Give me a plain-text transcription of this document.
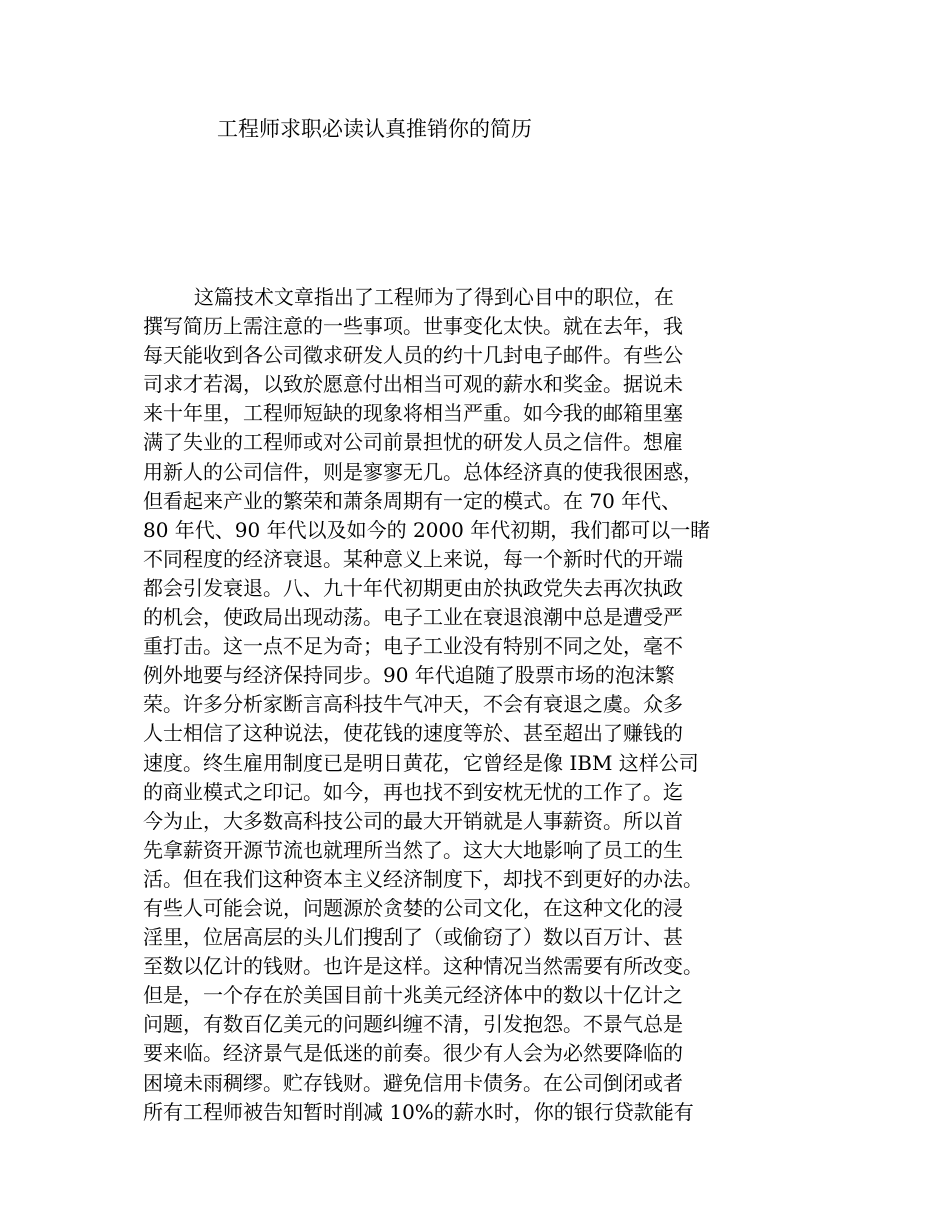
工程师求职必读认真推销你的简历
这篇技术文章指出了工程师为了得到心目中的职位，在
撰写简历上需注意的一些事项。世事变化太快。就在去年，我
每天能收到各公司徵求研发人员的约十几封电子邮件。有些公
司求才若渴，以致於愿意付出相当可观的薪水和奖金。据说未
来十年里，工程师短缺的现象将相当严重。如今我的邮箱里塞
满了失业的工程师或对公司前景担忧的研发人员之信件。想雇
用新人的公司信件，则是寥寥无几。总体经济真的使我很困惑，
但看起来产业的繁荣和萧条周期有一定的模式。在 70 年代、
80 年代、90 年代以及如今的 2000 年代初期，我们都可以一睹
不同程度的经济衰退。某种意义上来说，每一个新时代的开端
都会引发衰退。八、九十年代初期更由於执政党失去再次执政
的机会，使政局出现动荡。电子工业在衰退浪潮中总是遭受严
重打击。这一点不足为奇；电子工业没有特别不同之处，毫不
例外地要与经济保持同步。90 年代追随了股票市场的泡沫繁
荣。许多分析家断言高科技牛气冲天，不会有衰退之虞。众多
人士相信了这种说法，使花钱的速度等於、甚至超出了赚钱的
速度。终生雇用制度已是明日黄花，它曾经是像 IBM 这样公司
的商业模式之印记。如今，再也找不到安枕无忧的工作了。迄
今为止，大多数高科技公司的最大开销就是人事薪资。所以首
先拿薪资开源节流也就理所当然了。这大大地影响了员工的生
活。但在我们这种资本主义经济制度下，却找不到更好的办法。
有些人可能会说，问题源於贪婪的公司文化，在这种文化的浸
淫里，位居高层的头儿们搜刮了（或偷窃了）数以百万计、甚
至数以亿计的钱财。也许是这样。这种情况当然需要有所改变。
但是，一个存在於美国目前十兆美元经济体中的数以十亿计之
问题，有数百亿美元的问题纠缠不清，引发抱怨。不景气总是
要来临。经济景气是低迷的前奏。很少有人会为必然要降临的
困境未雨稠缪。贮存钱财。避免信用卡债务。在公司倒闭或者
所有工程师被告知暂时削减 10%的薪水时，你的银行贷款能有
